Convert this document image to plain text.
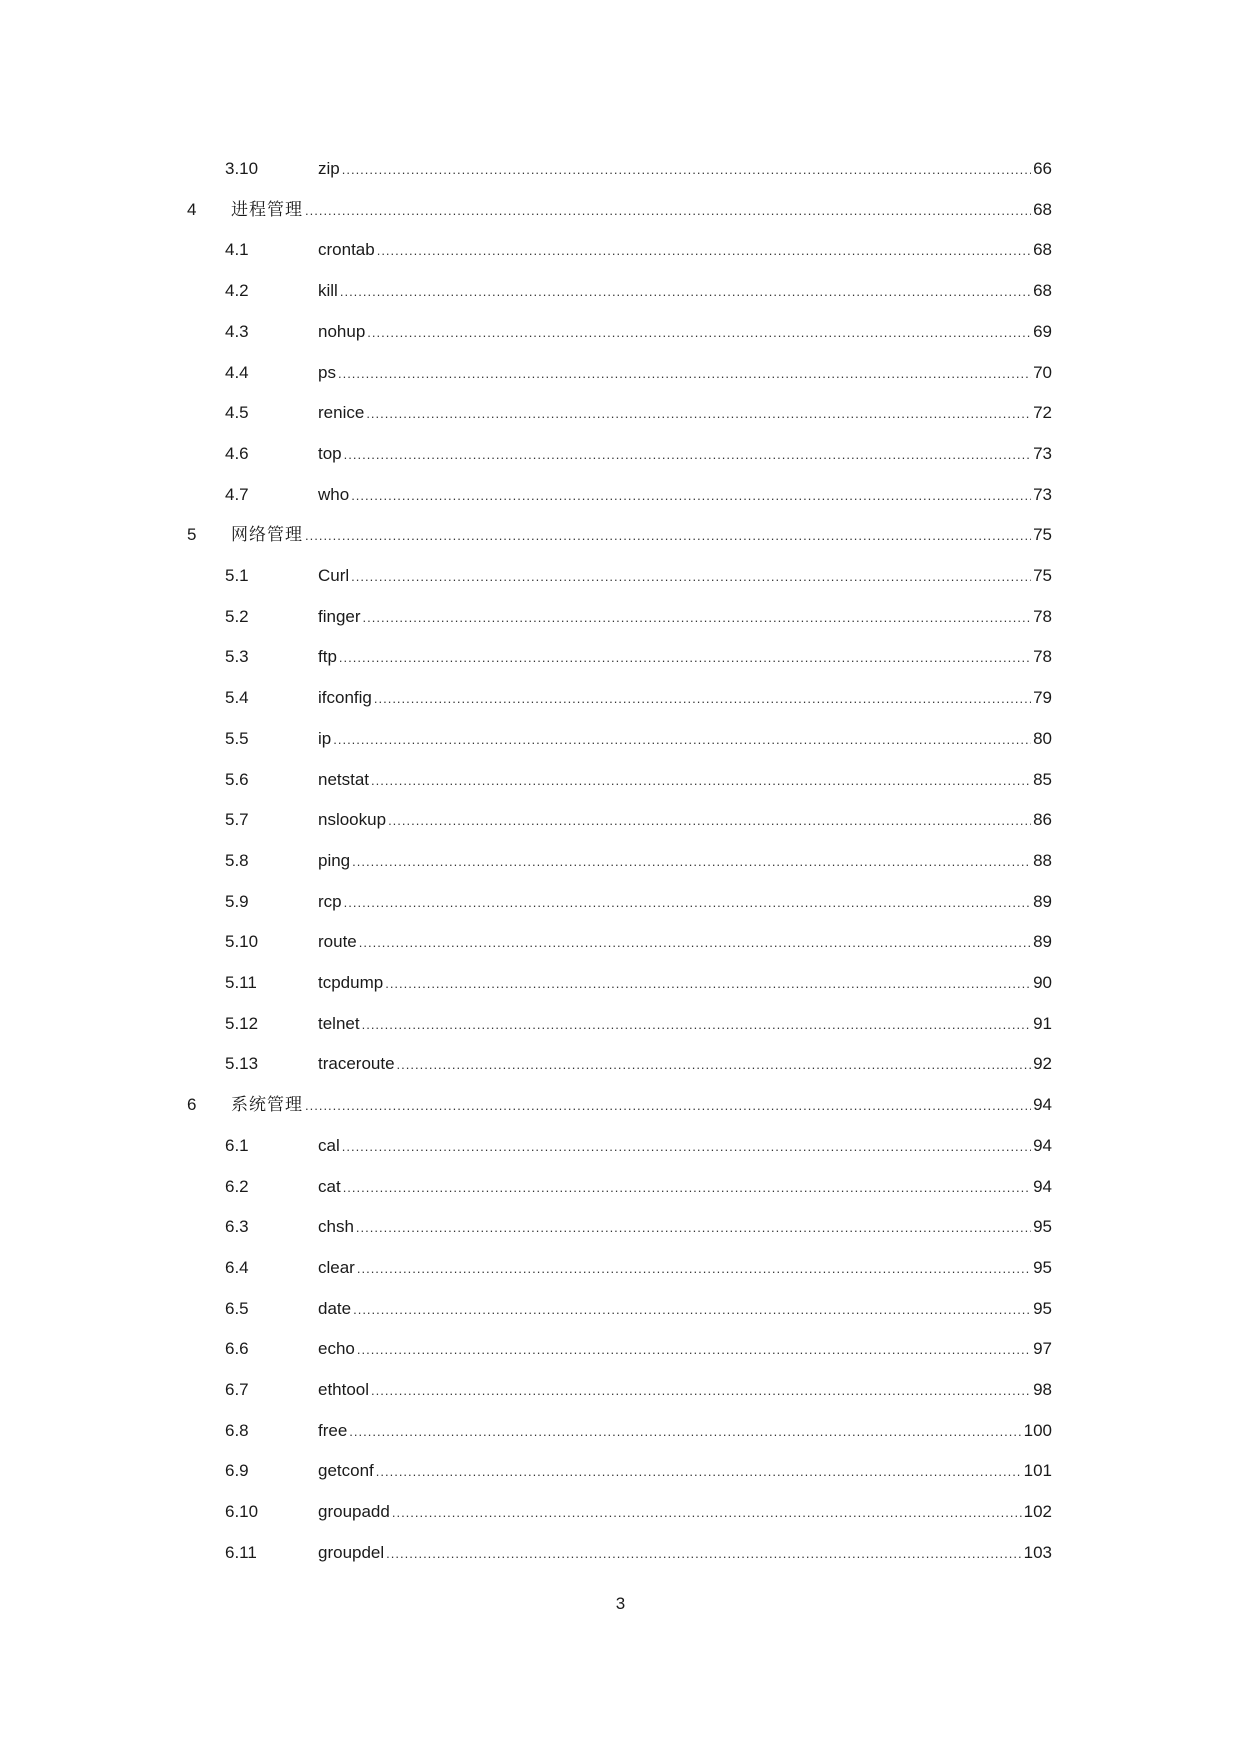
3.10	zip .....	66
4	进程管理 .....	68
4.1	crontab .....	68
4.2	kill .....	68
4.3	nohup .....	69
4.4	ps .....	70
4.5	renice .....	72
4.6	top .....	73
4.7	who .....	73
5	网络管理 .....	75
5.1	Curl .....	75
5.2	finger .....	78
5.3	ftp .....	78
5.4	ifconfig .....	79
5.5	ip .....	80
5.6	netstat .....	85
5.7	nslookup .....	86
5.8	ping .....	88
5.9	rcp .....	89
5.10	route .....	89
5.11	tcpdump .....	90
5.12	telnet .....	91
5.13	traceroute .....	92
6	系统管理 .....	94
6.1	cal .....	94
6.2	cat .....	94
6.3	chsh .....	95
6.4	clear .....	95
6.5	date .....	95
6.6	echo .....	97
6.7	ethtool .....	98
6.8	free .....	100
6.9	getconf .....	101
6.10	groupadd .....	102
6.11	groupdel .....	103
3
